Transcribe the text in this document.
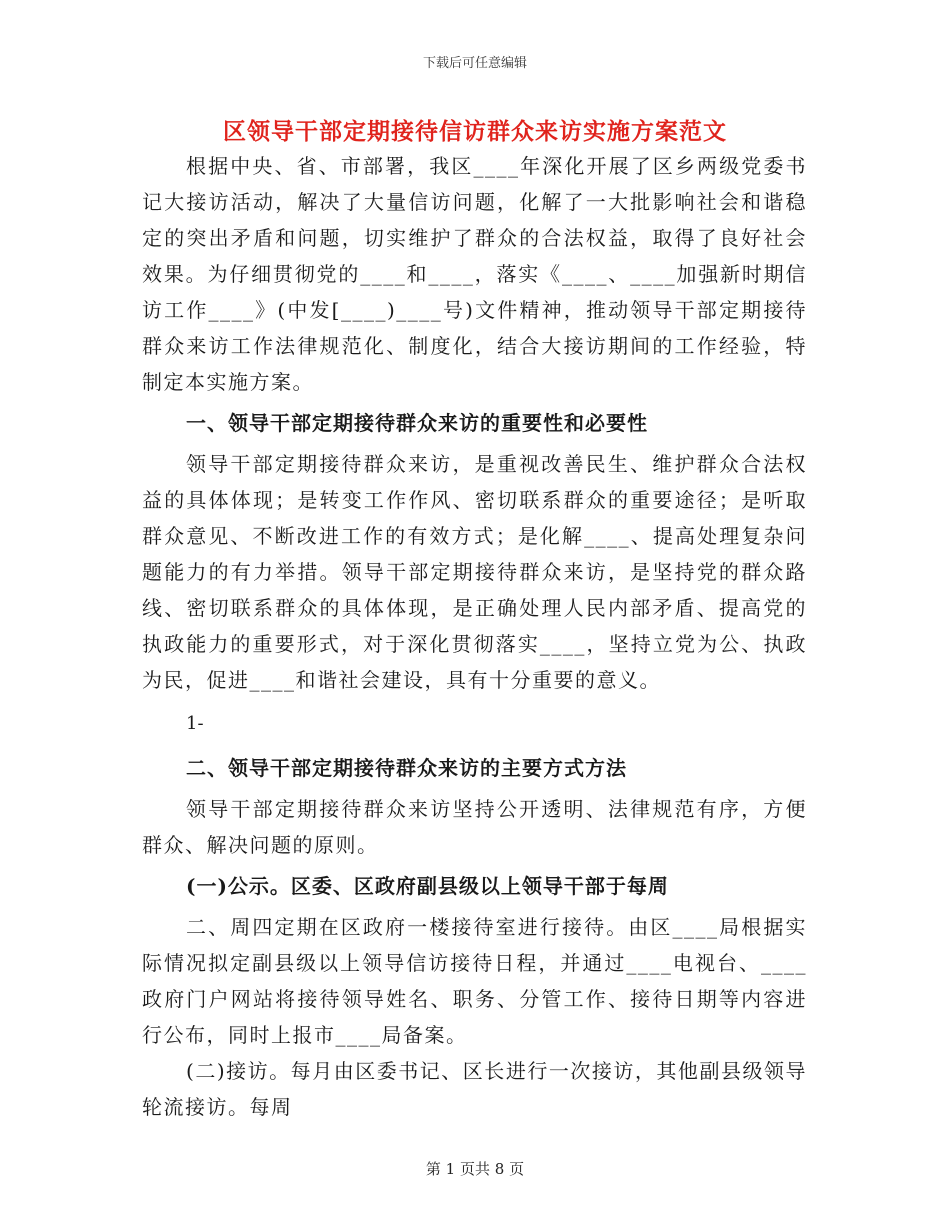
下载后可任意编辑
区领导干部定期接待信访群众来访实施方案范文

根据中央、省、市部署，我区____年深化开展了区乡两级党委书记大接访活动，解决了大量信访问题，化解了一大批影响社会和谐稳定的突出矛盾和问题，切实维护了群众的合法权益，取得了良好社会效果。为仔细贯彻党的____和____，落实《____、____加强新时期信访工作____》(中发[____)____号)文件精神，推动领导干部定期接待群众来访工作法律规范化、制度化，结合大接访期间的工作经验，特制定本实施方案。

一、领导干部定期接待群众来访的重要性和必要性

领导干部定期接待群众来访，是重视改善民生、维护群众合法权益的具体体现；是转变工作作风、密切联系群众的重要途径；是听取群众意见、不断改进工作的有效方式；是化解____、提高处理复杂问题能力的有力举措。领导干部定期接待群众来访，是坚持党的群众路线、密切联系群众的具体体现，是正确处理人民内部矛盾、提高党的执政能力的重要形式，对于深化贯彻落实____，坚持立党为公、执政为民，促进____和谐社会建设，具有十分重要的意义。

1-

二、领导干部定期接待群众来访的主要方式方法

领导干部定期接待群众来访坚持公开透明、法律规范有序，方便群众、解决问题的原则。

(一)公示。区委、区政府副县级以上领导干部于每周

二、周四定期在区政府一楼接待室进行接待。由区____局根据实际情况拟定副县级以上领导信访接待日程，并通过____电视台、____政府门户网站将接待领导姓名、职务、分管工作、接待日期等内容进行公布，同时上报市____局备案。

(二)接访。每月由区委书记、区长进行一次接访，其他副县级领导轮流接访。每周

第 1 页共 8 页
